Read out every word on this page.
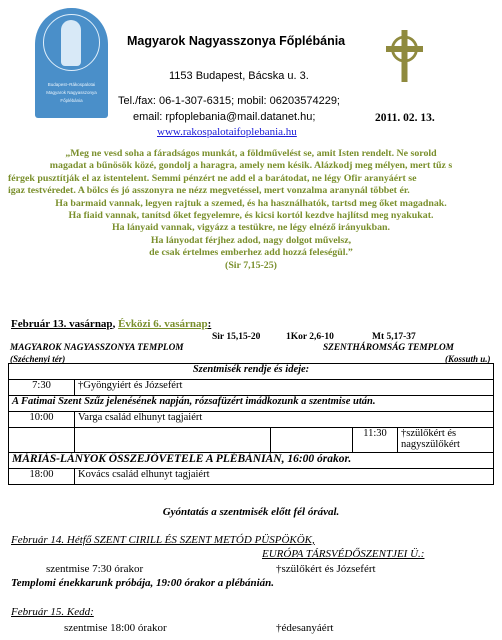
Budapest–Rákospalotai
Magyarok Nagyasszonya
Főplébánia
Magyarok Nagyasszonya Főplébánia
1153 Budapest, Bácska u. 3.
Tel./fax: 06-1-307-6315; mobil: 06203574229;
email: rpfoplebania@mail.datanet.hu;
www.rakospalotaifoplebania.hu
2011. 02. 13.
„Meg ne vesd soha a fáradságos munkát, a földművelést se, amit Isten rendelt. Ne sorold
magadat a bűnösök közé, gondolj a haragra, amely nem késik. Alázkodj meg mélyen, mert tűz s
férgek pusztítják el az istentelent. Semmi pénzért ne add el a barátodat, ne légy Ofir aranyáért se
igaz testvéredet. A bölcs és jó asszonyra ne nézz megvetéssel, mert vonzalma aranynál többet ér.
Ha barmaid vannak, legyen rajtuk a szemed, és ha használhatók, tartsd meg őket magadnak.
Ha fiaid vannak, tanítsd őket fegyelemre, és kicsi kortól kezdve hajlítsd meg nyakukat.
Ha lányaid vannak, vigyázz a testükre, ne légy elnéző irányukban.
Ha lányodat férjhez adod, nagy dolgot művelsz,
de csak értelmes emberhez add hozzá feleségül.”
(Sir 7,15-25)
Február 13. vasárnap, Évközi 6. vasárnap:
Sir 15,15-20	1Kor 2,6-10	Mt 5,17-37
MAGYAROK NAGYASSZONYA TEMPLOM
(Széchenyi tér)
SZENTHÁROMSÁG TEMPLOM
(Kossuth u.)
Szentmisék rendje és ideje:				
7:30	†Gyöngyiért és Józsefért			
A Fatimai Szent Szűz jelenésének napján, rózsafüzért imádkozunk a szentmise után.				
10:00	Varga család elhunyt tagjaiért			
			11:30	†szülőkért és nagyszülőkért
MÁRIÁS-LÁNYOK ÖSSZEJÖVETELE A PLÉBÁNIÁN, 16:00 órakor.				
18:00	Kovács család elhunyt tagjaiért			
Gyóntatás a szentmisék előtt fél órával.
Február 14. Hétfő SZENT CIRILL ÉS SZENT METÓD PÜSPÖKÖK,
EURÓPA TÁRSVÉDŐSZENTJEI Ü.:
szentmise 7:30 órakor	†szülőkért és Józsefért
Templomi énekkarunk próbája, 19:00 órakor a plébánián.
Február 15. Kedd:
szentmise 18:00 órakor	†édesanyáért
